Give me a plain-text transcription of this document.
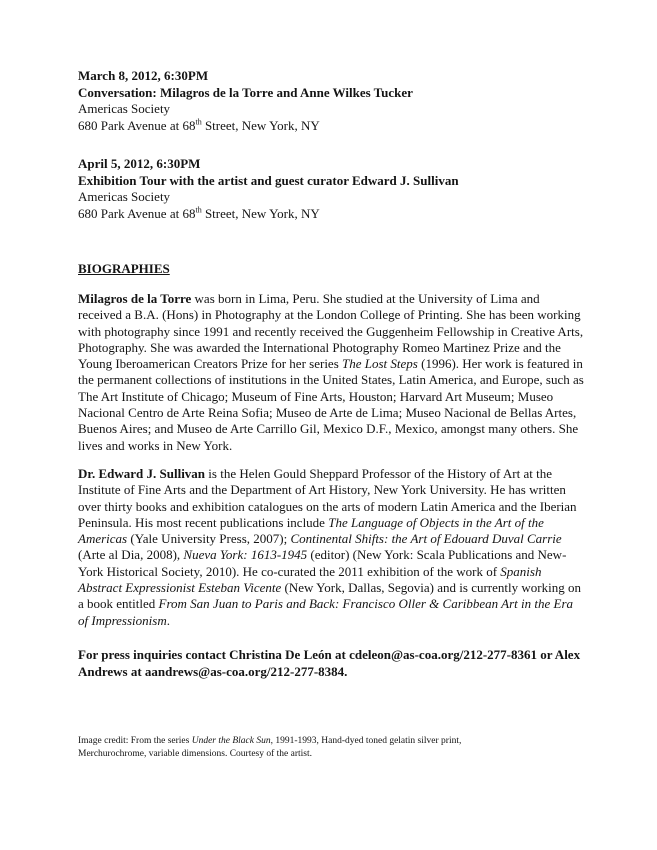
March 8, 2012, 6:30PM
Conversation: Milagros de la Torre and Anne Wilkes Tucker
Americas Society
680 Park Avenue at 68th Street, New York, NY
April 5, 2012, 6:30PM
Exhibition Tour with the artist and guest curator Edward J. Sullivan
Americas Society
680 Park Avenue at 68th Street, New York, NY
BIOGRAPHIES
Milagros de la Torre was born in Lima, Peru. She studied at the University of Lima and
received a B.A. (Hons) in Photography at the London College of Printing. She has been working
with photography since 1991 and recently received the Guggenheim Fellowship in Creative Arts,
Photography. She was awarded the International Photography Romeo Martinez Prize and the
Young Iberoamerican Creators Prize for her series The Lost Steps (1996). Her work is featured in
the permanent collections of institutions in the United States, Latin America, and Europe, such as
The Art Institute of Chicago; Museum of Fine Arts, Houston; Harvard Art Museum; Museo
Nacional Centro de Arte Reina Sofia; Museo de Arte de Lima; Museo Nacional de Bellas Artes,
Buenos Aires; and Museo de Arte Carrillo Gil, Mexico D.F., Mexico, amongst many others. She
lives and works in New York.
Dr. Edward J. Sullivan is the Helen Gould Sheppard Professor of the History of Art at the
Institute of Fine Arts and the Department of Art History, New York University. He has written
over thirty books and exhibition catalogues on the arts of modern Latin America and the Iberian
Peninsula. His most recent publications include The Language of Objects in the Art of the
Americas (Yale University Press, 2007); Continental Shifts: the Art of Edouard Duval Carrie
(Arte al Dia, 2008), Nueva York: 1613-1945 (editor) (New York: Scala Publications and New-
York Historical Society, 2010). He co-curated the 2011 exhibition of the work of Spanish
Abstract Expressionist Esteban Vicente (New York, Dallas, Segovia) and is currently working on
a book entitled From San Juan to Paris and Back: Francisco Oller & Caribbean Art in the Era
of Impressionism.
For press inquiries contact Christina De León at cdeleon@as-coa.org/212-277-8361 or Alex
Andrews at aandrews@as-coa.org/212-277-8384.
Image credit: From the series Under the Black Sun, 1991-1993, Hand-dyed toned gelatin silver print,
Merchurochrome, variable dimensions. Courtesy of the artist.
